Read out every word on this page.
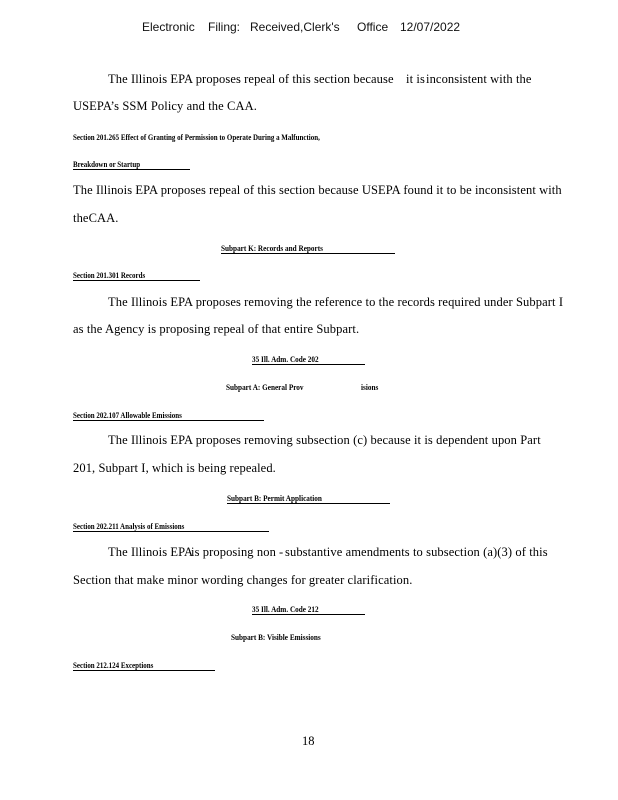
Electronic Filing: Received,Clerk's Office 12/07/2022
The Illinois EPA proposes repeal of this section because it is inconsistent with the
USEPA’s SSM Policy and the CAA.
Section 201.265 Effect of Granting of Permission to Operate During a Malfunction,
Breakdown or Startup
The Illinois EPA proposes repeal of this section because USEPA found it to be inconsistent with
theCAA.
Subpart K: Records and Reports
Section 201.301 Records
The Illinois EPA proposes removing the reference to the records required under Subpart I
as the Agency is proposing repeal of that entire Subpart.
35 Ill. Adm. Code 202
Subpart A: General Prov	isions
Section 202.107 Allowable Emissions
The Illinois EPA proposes removing subsection (c) because it is dependent upon Part
201, Subpart I, which is being repealed.
Subpart B: Permit Application
Section 202.211 Analysis of Emissions
The Illinois EPA
is proposing non - substantive amendments to subsection (a)(3) of this
Section that make minor wording changes for greater clarification.
35 Ill. Adm. Code 212
Subpart B: Visible Emissions
Section 212.124 Exceptions
18
